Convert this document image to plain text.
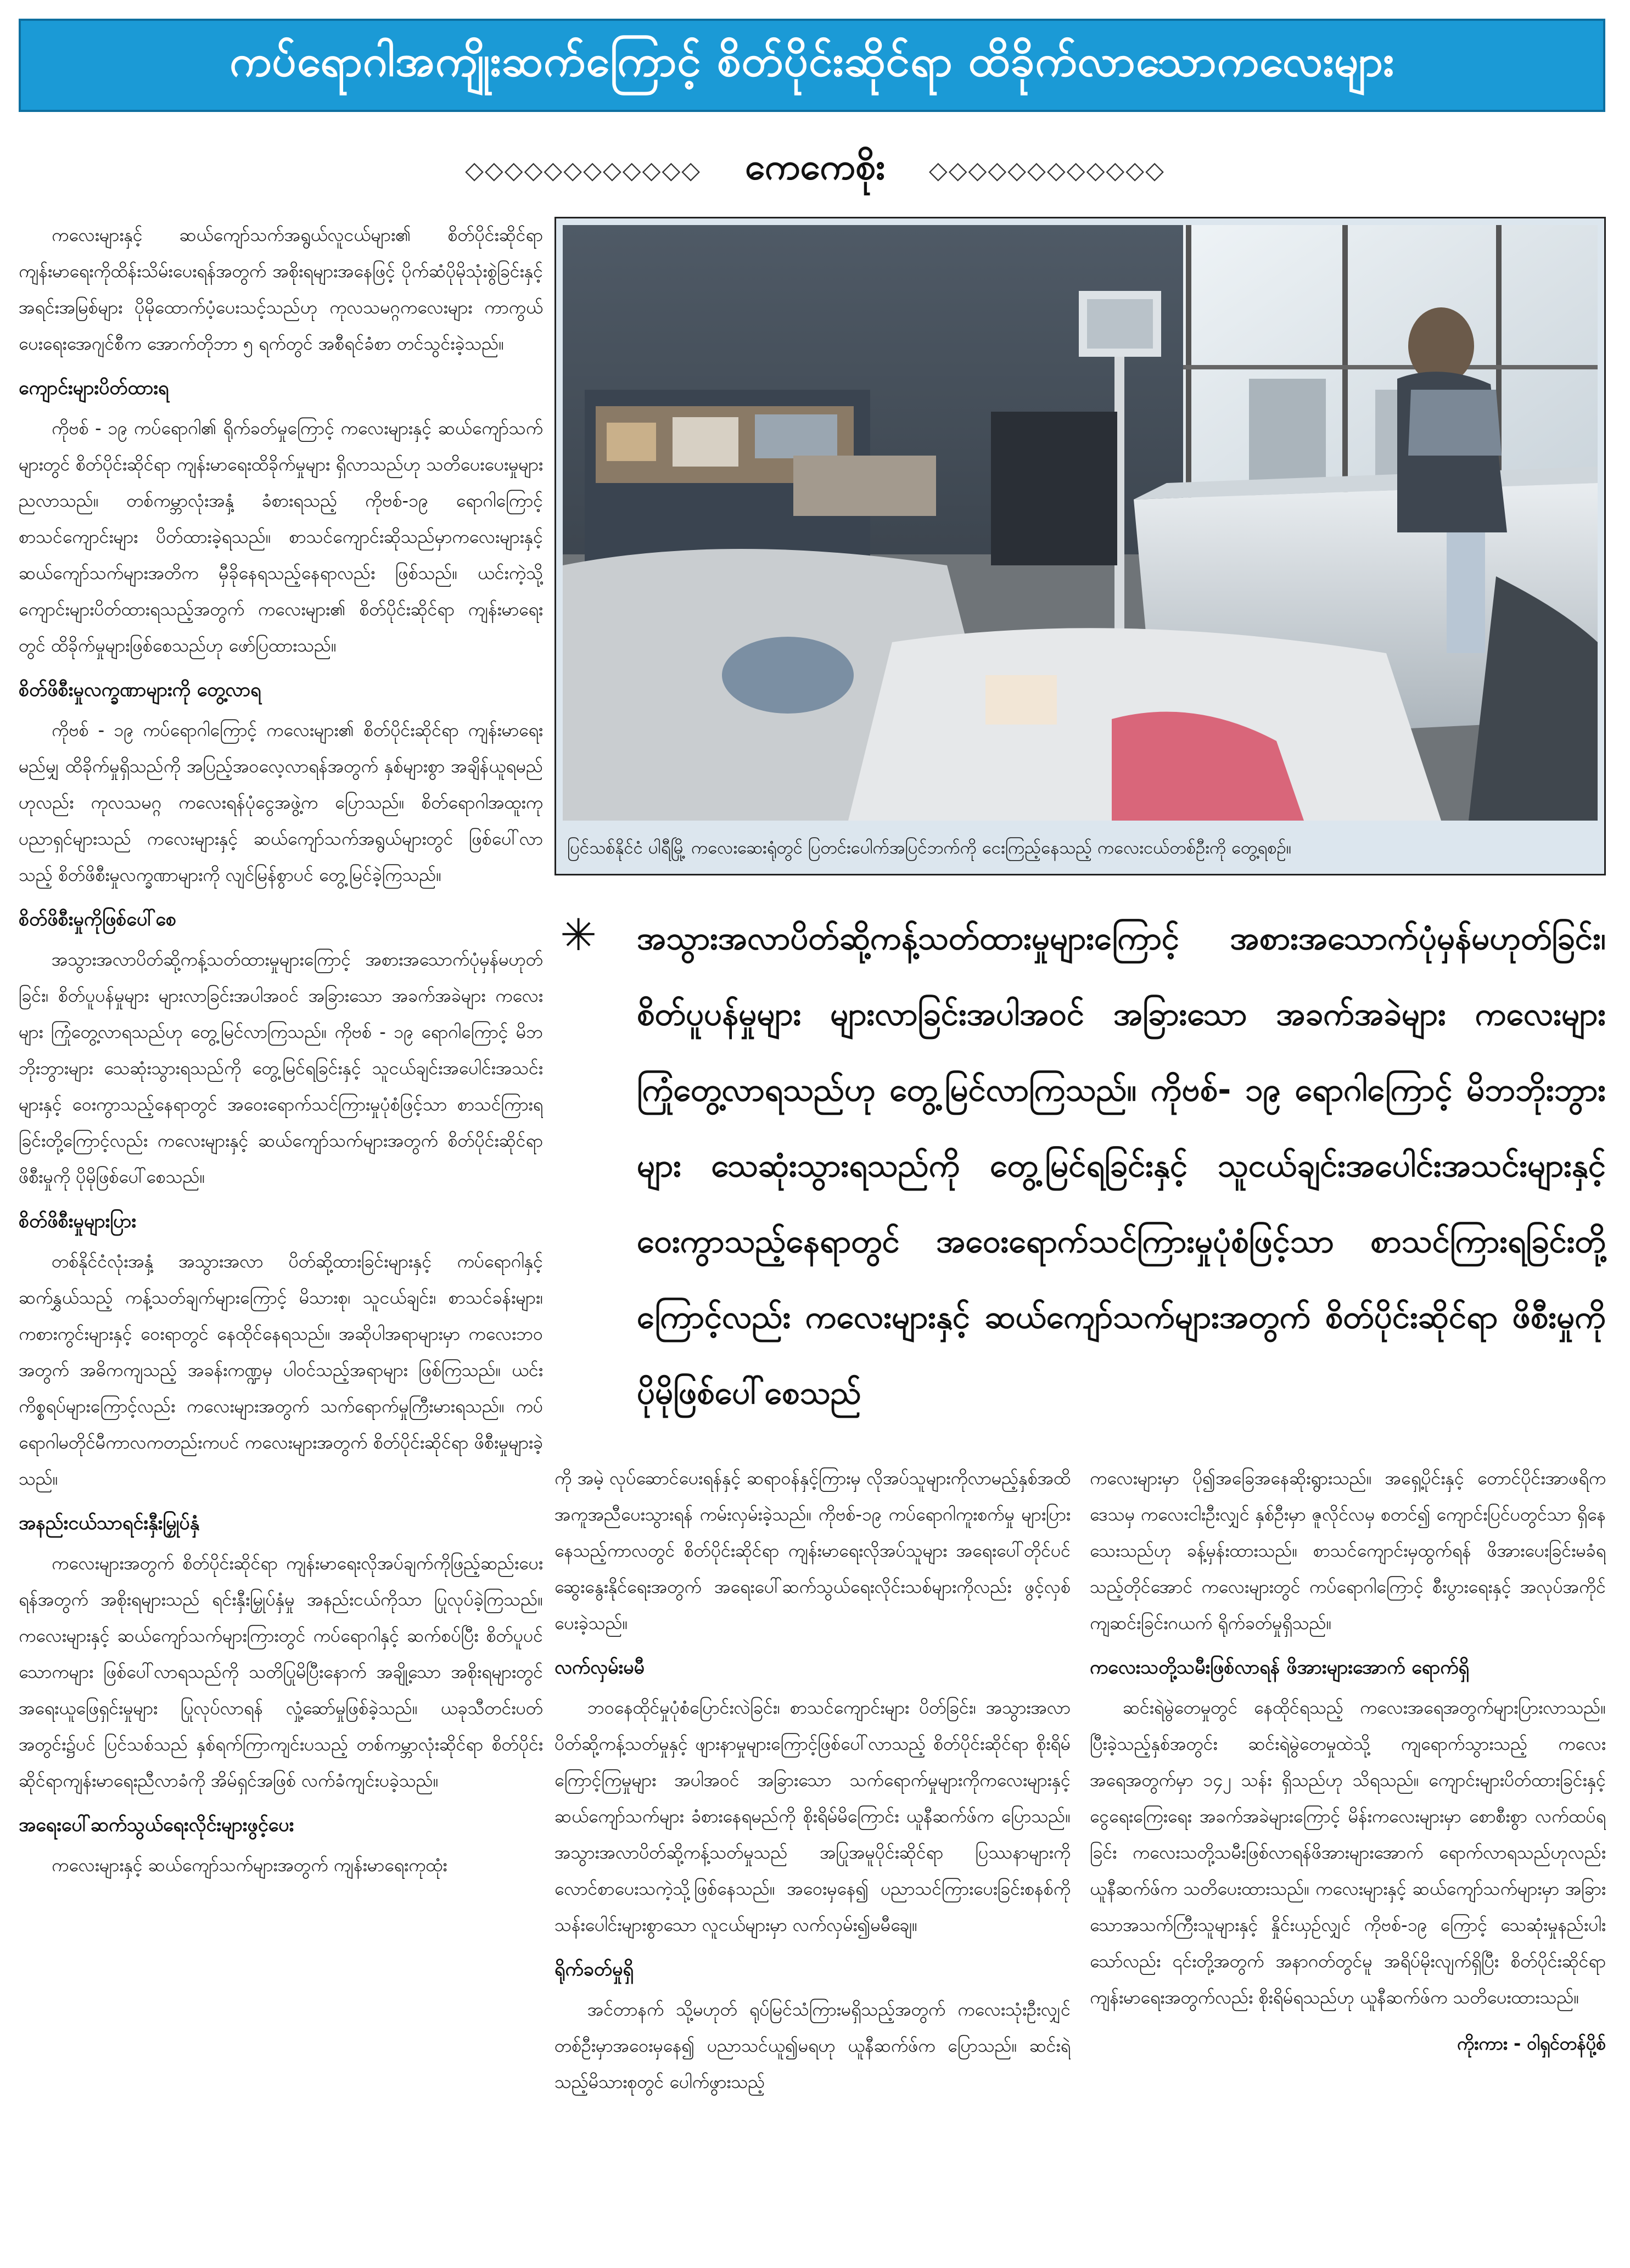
ကပ်ရောဂါအကျိုးဆက်ကြောင့် စိတ်ပိုင်းဆိုင်ရာ ထိခိုက်လာသောကလေးများ
◇◇◇◇◇◇◇◇◇◇◇◇ ကေကေစိုး ◇◇◇◇◇◇◇◇◇◇◇◇

ကလေးများနှင့် ဆယ်ကျော်သက်အရွယ်လူငယ်များ၏ စိတ်ပိုင်းဆိုင်ရာ ကျန်းမာရေးကိုထိန်းသိမ်းပေးရန်အတွက် အစိုးရများအနေဖြင့် ပိုက်ဆံပိုမိုသုံးစွဲခြင်းနှင့် အရင်းအမြစ်များ ပိုမိုထောက်ပံ့ပေးသင့်သည်ဟု ကုလသမဂ္ဂကလေးများ ကာကွယ်ပေးရေးအေဂျင်စီက အောက်တိုဘာ ၅ ရက်တွင် အစီရင်ခံစာ တင်သွင်းခဲ့သည်။

ကျောင်းများပိတ်ထားရ

ကိုဗစ် - ၁၉ ကပ်ရောဂါ၏ ရိုက်ခတ်မှုကြောင့် ကလေးများနှင့် ဆယ်ကျော်သက်များတွင် စိတ်ပိုင်းဆိုင်ရာ ကျန်းမာရေးထိခိုက်မှုများ ရှိလာသည်ဟု သတိပေးပေးမှုများ ညလာသည်။ တစ်ကမ္ဘာလုံးအနှံ့ ခံစားရသည့် ကိုဗစ်-၁၉ ရောဂါကြောင့် စာသင်ကျောင်းများ ပိတ်ထားခဲ့ရသည်။ စာသင်ကျောင်းဆိုသည်မှာကလေးများနှင့် ဆယ်ကျော်သက်များအတိက မှီခိုနေရသည့်နေရာလည်း ဖြစ်သည်။ ယင်းကဲ့သို့ ကျောင်းများပိတ်ထားရသည့်အတွက် ကလေးများ၏ စိတ်ပိုင်းဆိုင်ရာ ကျန်းမာရေးတွင် ထိခိုက်မှုများဖြစ်စေသည်ဟု ဖော်ပြထားသည်။

စိတ်ဖိစီးမှုလက္ခဏာများကို တွေ့လာရ

ကိုဗစ် - ၁၉ ကပ်ရောဂါကြောင့် ကလေးများ၏ စိတ်ပိုင်းဆိုင်ရာ ကျန်းမာရေးမည်မျှ ထိခိုက်မှုရှိသည်ကို အပြည့်အဝလေ့လာရန်အတွက် နှစ်များစွာ အချိန်ယူရမည်ဟုလည်း ကုလသမဂ္ဂ ကလေးရန်ပုံငွေအဖွဲ့က ပြောသည်။ စိတ်ရောဂါအထူးကုပညာရှင်များသည် ကလေးများနှင့် ဆယ်ကျော်သက်အရွယ်များတွင် ဖြစ်ပေါ်လာသည့် စိတ်ဖိစီးမှုလက္ခဏာများကို လျင်မြန်စွာပင် တွေ့မြင်ခဲ့ကြသည်။

စိတ်ဖိစီးမှုကိုဖြစ်ပေါ်စေ

အသွားအလာပိတ်ဆို့ကန့်သတ်ထားမှုများကြောင့် အစားအသောက်ပုံမှန်မဟုတ်ခြင်း၊ စိတ်ပူပန်မှုများ များလာခြင်းအပါအဝင် အခြားသော အခက်အခဲများ ကလေးများ ကြုံတွေ့လာရသည်ဟု တွေ့မြင်လာကြသည်။ ကိုဗစ် - ၁၉ ရောဂါကြောင့် မိဘဘိုးဘွားများ သေဆုံးသွားရသည်ကို တွေ့မြင်ရခြင်းနှင့် သူငယ်ချင်းအပေါင်းအသင်းများနှင့် ဝေးကွာသည့်နေရာတွင် အဝေးရောက်သင်ကြားမှုပုံစံဖြင့်သာ စာသင်ကြားရခြင်းတို့ကြောင့်လည်း ကလေးများနှင့် ဆယ်ကျော်သက်များအတွက် စိတ်ပိုင်းဆိုင်ရာဖိစီးမှုကို ပိုမိုဖြစ်ပေါ်စေသည်။

စိတ်ဖိစီးမှုများပြား

တစ်နိုင်ငံလုံးအနှံ့ အသွားအလာ ပိတ်ဆို့ထားခြင်းများနှင့် ကပ်ရောဂါနှင့်ဆက်နွှယ်သည့် ကန့်သတ်ချက်များကြောင့် မိသားစု၊ သူငယ်ချင်း၊ စာသင်ခန်းများ၊ ကစားကွင်းများနှင့် ဝေးရာတွင် နေထိုင်နေရသည်။ အဆိုပါအရာများမှာ ကလေးဘဝအတွက် အဓိကကျသည့် အခန်းကဏ္ဍမှ ပါဝင်သည့်အရာများ ဖြစ်ကြသည်။ ယင်းကိစ္စရပ်များကြောင့်လည်း ကလေးများအတွက် သက်ရောက်မှုကြီးမားရသည်။ ကပ်ရောဂါမတိုင်မီကာလကတည်းကပင် ကလေးများအတွက် စိတ်ပိုင်းဆိုင်ရာ ဖိစီးမှုများခဲ့သည်။

အနည်းငယ်သာရင်းနှီးမြှုပ်နှံ

ကလေးများအတွက် စိတ်ပိုင်းဆိုင်ရာ ကျန်းမာရေးလိုအပ်ချက်ကိုဖြည့်ဆည်းပေးရန်အတွက် အစိုးရများသည် ရင်းနှီးမြှုပ်နှံမှု အနည်းငယ်ကိုသာ ပြုလုပ်ခဲ့ကြသည်။ ကလေးများနှင့် ဆယ်ကျော်သက်များကြားတွင် ကပ်ရောဂါနှင့် ဆက်စပ်ပြီး စိတ်ပူပင်သောကများ ဖြစ်ပေါ်လာရသည်ကို သတိပြုမိပြီးနောက် အချို့သော အစိုးရများတွင် အရေးယူဖြေရှင်းမှုများ ပြုလုပ်လာရန် လှုံ့ဆော်မှုဖြစ်ခဲ့သည်။ ယခုသီတင်းပတ်အတွင်း၌ပင် ပြင်သစ်သည် နှစ်ရက်ကြာကျင်းပသည့် တစ်ကမ္ဘာလုံးဆိုင်ရာ စိတ်ပိုင်းဆိုင်ရာကျန်းမာရေးညီလာခံကို အိမ်ရှင်အဖြစ် လက်ခံကျင်းပခဲ့သည်။

အရေးပေါ်ဆက်သွယ်ရေးလိုင်းများဖွင့်ပေး

ကလေးများနှင့် ဆယ်ကျော်သက်များအတွက် ကျန်းမာရေးကုထုံး

ပြင်သစ်နိုင်ငံ ပါရီမြို့ ကလေးဆေးရုံတွင် ပြတင်းပေါက်အပြင်ဘက်ကို ငေးကြည့်နေသည့် ကလေးငယ်တစ်ဦးကို တွေ့ရစဉ်။
✳	အသွားအလာပိတ်ဆို့ကန့်သတ်ထားမှုများကြောင့် အစားအသောက်ပုံမှန်မဟုတ်ခြင်း၊ စိတ်ပူပန်မှုများ များလာခြင်းအပါအဝင် အခြားသော အခက်အခဲများ ကလေးများ ကြုံတွေ့လာရသည်ဟု တွေ့မြင်လာကြသည်။ ကိုဗစ်- ၁၉ ရောဂါကြောင့် မိဘဘိုးဘွားများ သေဆုံးသွားရသည်ကို တွေ့မြင်ရခြင်းနှင့် သူငယ်ချင်းအပေါင်းအသင်းများနှင့် ဝေးကွာသည့်နေရာတွင် အဝေးရောက်သင်ကြားမှုပုံစံဖြင့်သာ စာသင်ကြားရခြင်းတို့ကြောင့်လည်း ကလေးများနှင့် ဆယ်ကျော်သက်များအတွက် စိတ်ပိုင်းဆိုင်ရာ ဖိစီးမှုကို ပိုမိုဖြစ်ပေါ်စေသည်

ကို အမဲ့ လုပ်ဆောင်ပေးရန်နှင့် ဆရာဝန်နှင့်ကြားမှ လိုအပ်သူများကိုလာမည့်နှစ်အထိ အကူအညီပေးသွားရန် ကမ်းလှမ်းခဲ့သည်။ ကိုဗစ်-၁၉ ကပ်ရောဂါကူးစက်မှု များပြားနေသည့်ကာလတွင် စိတ်ပိုင်းဆိုင်ရာ ကျန်းမာရေးလိုအပ်သူများ အရေးပေါ်တိုင်ပင်ဆွေးနွေးနိုင်ရေးအတွက် အရေးပေါ်ဆက်သွယ်ရေးလိုင်းသစ်များကိုလည်း ဖွင့်လှစ်ပေးခဲ့သည်။

လက်လှမ်းမမီ

ဘဝနေထိုင်မှုပုံစံပြောင်းလဲခြင်း၊ စာသင်ကျောင်းများ ပိတ်ခြင်း၊ အသွားအလာပိတ်ဆို့ကန့်သတ်မှုနှင့် ဖျားနာမှုများကြောင့်ဖြစ်ပေါ်လာသည့် စိတ်ပိုင်းဆိုင်ရာ စိုးရိမ်ကြောင့်ကြမှုများ အပါအဝင် အခြားသော သက်ရောက်မှုများကိုကလေးများနှင့် ဆယ်ကျော်သက်များ ခံစားနေရမည်ကို စိုးရိမ်မိကြောင်း ယူနီဆက်ဖ်က ပြောသည်။ အသွားအလာပိတ်ဆို့ကန့်သတ်မှုသည် အပြုအမူပိုင်းဆိုင်ရာ ပြဿနာများကို လောင်စာပေးသကဲ့သို့ဖြစ်နေသည်။ အဝေးမှနေ၍ ပညာသင်ကြားပေးခြင်းစနစ်ကို သန်းပေါင်းများစွာသော လူငယ်များမှာ လက်လှမ်း၍မမီချေ။

ရိုက်ခတ်မှုရှိ

အင်တာနက် သို့မဟုတ် ရုပ်မြင်သံကြားမရှိသည့်အတွက် ကလေးသုံးဦးလျှင် တစ်ဦးမှာအဝေးမှနေ၍ ပညာသင်ယူ၍မရဟု ယူနီဆက်ဖ်က ပြောသည်။ ဆင်းရဲသည့်မိသားစုတွင် ပေါက်ဖွားသည့်

ကလေးများမှာ ပို၍အခြေအနေဆိုးရွားသည်။ အရှေ့ပိုင်းနှင့် တောင်ပိုင်းအာဖရိကဒေသမှ ကလေးငါးဦးလျှင် နှစ်ဦးမှာ ဇူလိုင်လမှ စတင်၍ ကျောင်းပြင်ပတွင်သာ ရှိနေသေးသည်ဟု ခန့်မှန်းထားသည်။ စာသင်ကျောင်းမှထွက်ရန် ဖိအားပေးခြင်းမခံရသည့်တိုင်အောင် ကလေးများတွင် ကပ်ရောဂါကြောင့် စီးပွားရေးနှင့် အလုပ်အကိုင်ကျဆင်းခြင်းဂယက် ရိုက်ခတ်မှုရှိသည်။

ကလေးသတို့သမီးဖြစ်လာရန် ဖိအားများအောက် ရောက်ရှိ

ဆင်းရဲမွဲတေမှုတွင် နေထိုင်ရသည့် ကလေးအရေအတွက်များပြားလာသည်။ ပြီးခဲ့သည့်နှစ်အတွင်း ဆင်းရဲမွဲတေမှုထဲသို့ ကျရောက်သွားသည့် ကလေးအရေအတွက်မှာ ၁၄၂ သန်း ရှိသည်ဟု သိရသည်။ ကျောင်းများပိတ်ထားခြင်းနှင့် ငွေရေးကြေးရေး အခက်အခဲများကြောင့် မိန်းကလေးများမှာ စောစီးစွာ လက်ထပ်ရခြင်း ကလေးသတို့သမီးဖြစ်လာရန်ဖိအားများအောက် ရောက်လာရသည်ဟုလည်း ယူနီဆက်ဖ်က သတိပေးထားသည်။ ကလေးများနှင့် ဆယ်ကျော်သက်များမှာ အခြားသောအသက်ကြီးသူများနှင့် နှိုင်းယှဉ်လျှင် ကိုဗစ်-၁၉ ကြောင့် သေဆုံးမှုနည်းပါးသော်လည်း ၎င်းတို့အတွက် အနာဂတ်တွင်မူ အရိပ်မိုးလျက်ရှိပြီး စိတ်ပိုင်းဆိုင်ရာ ကျန်းမာရေးအတွက်လည်း စိုးရိမ်ရသည်ဟု ယူနီဆက်ဖ်က သတိပေးထားသည်။

ကိုးကား - ဝါရှင်တန်ပို့စ်
